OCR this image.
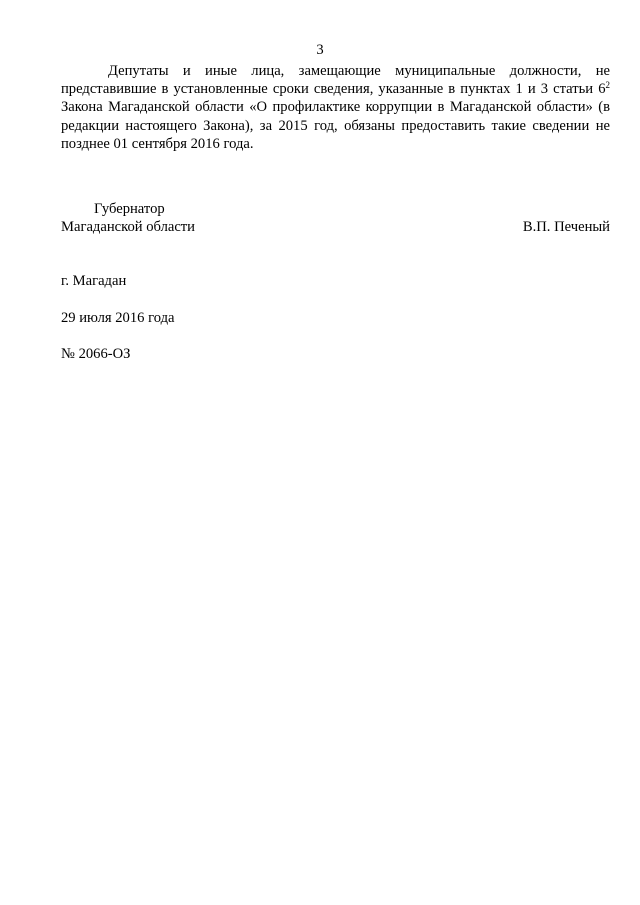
3

Депутаты и иные лица, замещающие муниципальные должности, не представившие в установленные сроки сведения, указанные в пунктах 1 и 3 статьи $6^2$ Закона Магаданской области «О профилактике коррупции в Магаданской области» (в редакции настоящего Закона), за 2015 год, обязаны предоставить такие сведении не позднее 01 сентября 2016 года.

Губернатор
Магаданской области	В.П. Печеный
г. Магадан
29 июля 2016 года
№ 2066-ОЗ
